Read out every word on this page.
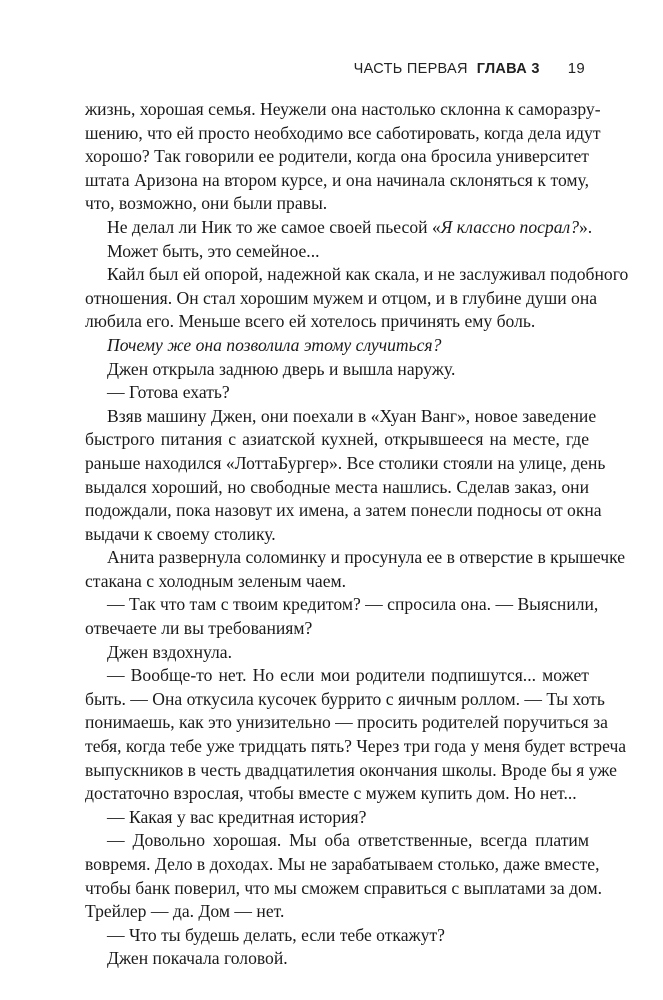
ЧАСТЬ ПЕРВАЯ ГЛАВА 3 19
жизнь, хорошая семья. Неужели она настолько склонна к саморазру-
шению, что ей просто необходимо все саботировать, когда дела идут
хорошо? Так говорили ее родители, когда она бросила университет
штата Аризона на втором курсе, и она начинала склоняться к тому,
что, возможно, они были правы.
Не делал ли Ник то же самое своей пьесой «Я классно посрал?».
Может быть, это семейное...
Кайл был ей опорой, надежной как скала, и не заслуживал подобного
отношения. Он стал хорошим мужем и отцом, и в глубине души она
любила его. Меньше всего ей хотелось причинять ему боль.
Почему же она позволила этому случиться?
Джен открыла заднюю дверь и вышла наружу.
— Готова ехать?
Взяв машину Джен, они поехали в «Хуан Ванг», новое заведение
быстрого питания с азиатской кухней, открывшееся на месте, где
раньше находился «ЛоттаБургер». Все столики стояли на улице, день
выдался хороший, но свободные места нашлись. Сделав заказ, они
подождали, пока назовут их имена, а затем понесли подносы от окна
выдачи к своему столику.
Анита развернула соломинку и просунула ее в отверстие в крышечке
стакана с холодным зеленым чаем.
— Так что там с твоим кредитом? — спросила она. — Выяснили,
отвечаете ли вы требованиям?
Джен вздохнула.
— Вообще-то нет. Но если мои родители подпишутся... может
быть. — Она откусила кусочек буррито с яичным роллом. — Ты хоть
понимаешь, как это унизительно — просить родителей поручиться за
тебя, когда тебе уже тридцать пять? Через три года у меня будет встреча
выпускников в честь двадцатилетия окончания школы. Вроде бы я уже
достаточно взрослая, чтобы вместе с мужем купить дом. Но нет...
— Какая у вас кредитная история?
— Довольно хорошая. Мы оба ответственные, всегда платим
вовремя. Дело в доходах. Мы не зарабатываем столько, даже вместе,
чтобы банк поверил, что мы сможем справиться с выплатами за дом.
Трейлер — да. Дом — нет.
— Что ты будешь делать, если тебе откажут?
Джен покачала головой.
